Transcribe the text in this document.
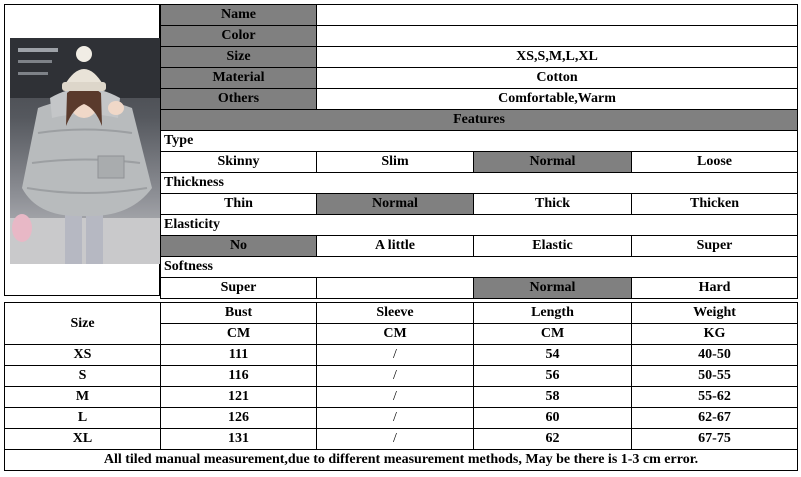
Name			
Color			
Size	XS,S,M,L,XL		
Material	Cotton		
Others	Comfortable,Warm		
Features			
Type			
Skinny	Slim	Normal	Loose
Thickness			
Thin	Normal	Thick	Thicken
Elasticity			
No	A little	Elastic	Super
Softness			
Super		Normal	Hard
Size	Bust	Sleeve	Length	Weight
	CM	CM	CM	KG
XS	111	/	54	40-50
S	116	/	56	50-55
M	121	/	58	55-62
L	126	/	60	62-67
XL	131	/	62	67-75
All tiled manual measurement,due to different measurement methods, May be there is 1-3 cm error.				
